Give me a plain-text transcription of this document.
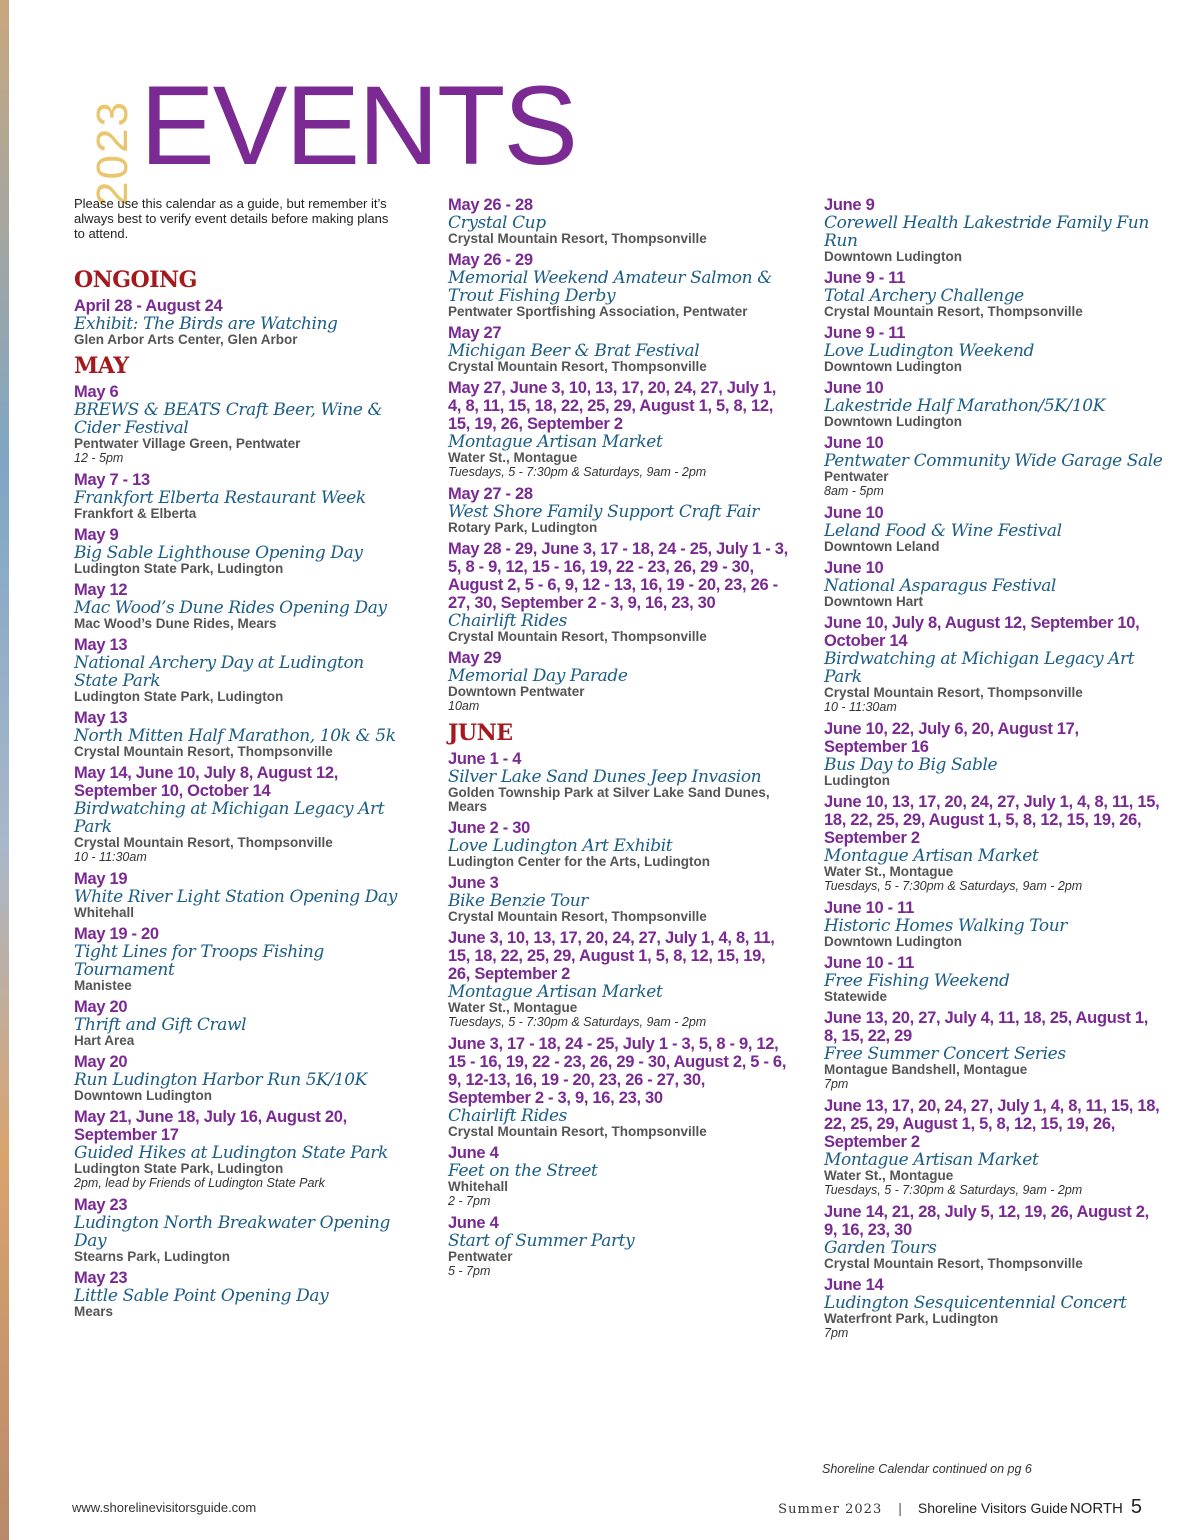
2023 EVENTS

Please use this calendar as a guide, but remember it’s always best to verify event details before making plans to attend.

ONGOING
April 28 - August 24
Exhibit: The Birds are Watching
Glen Arbor Arts Center, Glen Arbor
MAY
May 6
BREWS & BEATS Craft Beer, Wine & Cider Festival
Pentwater Village Green, Pentwater
12 - 5pm
May 7 - 13
Frankfort Elberta Restaurant Week
Frankfort & Elberta
May 9
Big Sable Lighthouse Opening Day
Ludington State Park, Ludington
May 12
Mac Wood’s Dune Rides Opening Day
Mac Wood’s Dune Rides, Mears
May 13
National Archery Day at Ludington State Park
Ludington State Park, Ludington
May 13
North Mitten Half Marathon, 10k & 5k
Crystal Mountain Resort, Thompsonville
May 14, June 10, July 8, August 12, September 10, October 14
Birdwatching at Michigan Legacy Art Park
Crystal Mountain Resort, Thompsonville
10 - 11:30am
May 19
White River Light Station Opening Day
Whitehall
May 19 - 20
Tight Lines for Troops Fishing Tournament
Manistee
May 20
Thrift and Gift Crawl
Hart Area
May 20
Run Ludington Harbor Run 5K/10K
Downtown Ludington
May 21, June 18, July 16, August 20, September 17
Guided Hikes at Ludington State Park
Ludington State Park, Ludington
2pm, lead by Friends of Ludington State Park
May 23
Ludington North Breakwater Opening Day
Stearns Park, Ludington
May 23
Little Sable Point Opening Day
Mears
May 26 - 28
Crystal Cup
Crystal Mountain Resort, Thompsonville
May 26 - 29
Memorial Weekend Amateur Salmon & Trout Fishing Derby
Pentwater Sportfishing Association, Pentwater
May 27
Michigan Beer & Brat Festival
Crystal Mountain Resort, Thompsonville
May 27, June 3, 10, 13, 17, 20, 24, 27, July 1, 4, 8, 11, 15, 18, 22, 25, 29, August 1, 5, 8, 12, 15, 19, 26, September 2
Montague Artisan Market
Water St., Montague
Tuesdays, 5 - 7:30pm & Saturdays, 9am - 2pm
May 27 - 28
West Shore Family Support Craft Fair
Rotary Park, Ludington
May 28 - 29, June 3, 17 - 18, 24 - 25, July 1 - 3, 5, 8 - 9, 12, 15 - 16, 19, 22 - 23, 26, 29 - 30, August 2, 5 - 6, 9, 12 - 13, 16, 19 - 20, 23, 26 - 27, 30, September 2 - 3, 9, 16, 23, 30
Chairlift Rides
Crystal Mountain Resort, Thompsonville
May 29
Memorial Day Parade
Downtown Pentwater
10am
JUNE
June 1 - 4
Silver Lake Sand Dunes Jeep Invasion
Golden Township Park at Silver Lake Sand Dunes, Mears
June 2 - 30
Love Ludington Art Exhibit
Ludington Center for the Arts, Ludington
June 3
Bike Benzie Tour
Crystal Mountain Resort, Thompsonville
June 3, 10, 13, 17, 20, 24, 27, July 1, 4, 8, 11, 15, 18, 22, 25, 29, August 1, 5, 8, 12, 15, 19, 26, September 2
Montague Artisan Market
Water St., Montague
Tuesdays, 5 - 7:30pm & Saturdays, 9am - 2pm
June 3, 17 - 18, 24 - 25, July 1 - 3, 5, 8 - 9, 12, 15 - 16, 19, 22 - 23, 26, 29 - 30, August 2, 5 - 6, 9, 12-13, 16, 19 - 20, 23, 26 - 27, 30, September 2 - 3, 9, 16, 23, 30
Chairlift Rides
Crystal Mountain Resort, Thompsonville
June 4
Feet on the Street
Whitehall
2 - 7pm
June 4
Start of Summer Party
Pentwater
5 - 7pm
June 9
Corewell Health Lakestride Family Fun Run
Downtown Ludington
June 9 - 11
Total Archery Challenge
Crystal Mountain Resort, Thompsonville
June 9 - 11
Love Ludington Weekend
Downtown Ludington
June 10
Lakestride Half Marathon/5K/10K
Downtown Ludington
June 10
Pentwater Community Wide Garage Sale
Pentwater
8am - 5pm
June 10
Leland Food & Wine Festival
Downtown Leland
June 10
National Asparagus Festival
Downtown Hart
June 10, July 8, August 12, September 10, October 14
Birdwatching at Michigan Legacy Art Park
Crystal Mountain Resort, Thompsonville
10 - 11:30am
June 10, 22, July 6, 20, August 17, September 16
Bus Day to Big Sable
Ludington
June 10, 13, 17, 20, 24, 27, July 1, 4, 8, 11, 15, 18, 22, 25, 29, August 1, 5, 8, 12, 15, 19, 26, September 2
Montague Artisan Market
Water St., Montague
Tuesdays, 5 - 7:30pm & Saturdays, 9am - 2pm
June 10 - 11
Historic Homes Walking Tour
Downtown Ludington
June 10 - 11
Free Fishing Weekend
Statewide
June 13, 20, 27, July 4, 11, 18, 25, August 1, 8, 15, 22, 29
Free Summer Concert Series
Montague Bandshell, Montague
7pm
June 13, 17, 20, 24, 27, July 1, 4, 8, 11, 15, 18, 22, 25, 29, August 1, 5, 8, 12, 15, 19, 26, September 2
Montague Artisan Market
Water St., Montague
Tuesdays, 5 - 7:30pm & Saturdays, 9am - 2pm
June 14, 21, 28, July 5, 12, 19, 26, August 2, 9, 16, 23, 30
Garden Tours
Crystal Mountain Resort, Thompsonville
June 14
Ludington Sesquicentennial Concert
Waterfront Park, Ludington
7pm
Shoreline Calendar continued on pg 6
www.shorelinevisitorsguide.com	Summer 2023 | Shoreline Visitors Guide NORTH 5
